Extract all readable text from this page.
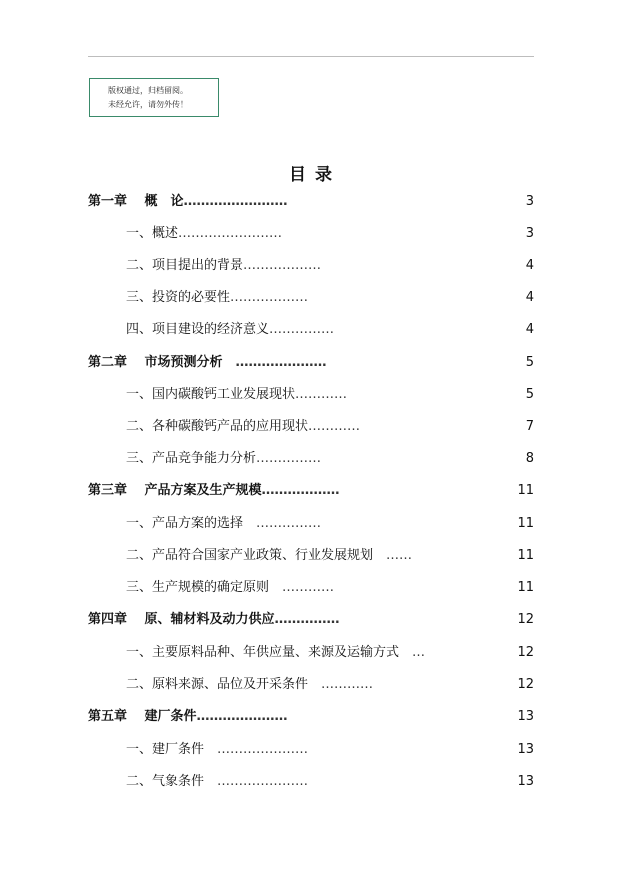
版权通过，归档留阅。
未经允许，请勿外传！
目录
第一章　 概　论……………………	3
一、概述……………………	3
二、项目提出的背景………………	4
三、投资的必要性………………	4
四、项目建设的经济意义……………	4
第二章　 市场预测分析　…………………	5
一、国内碳酸钙工业发展现状…………	5
二、各种碳酸钙产品的应用现状…………	7
三、产品竞争能力分析……………	8
第三章　 产品方案及生产规模………………	11
一、产品方案的选择　……………	11
二、产品符合国家产业政策、行业发展规划　……	11
三、生产规模的确定原则　…………	11
第四章　 原、辅材料及动力供应……………	12
一、主要原料品种、年供应量、来源及运输方式　…	12
二、原料来源、品位及开采条件　…………	12
第五章　 建厂条件…………………	13
一、建厂条件　…………………	13
二、气象条件　…………………	13
